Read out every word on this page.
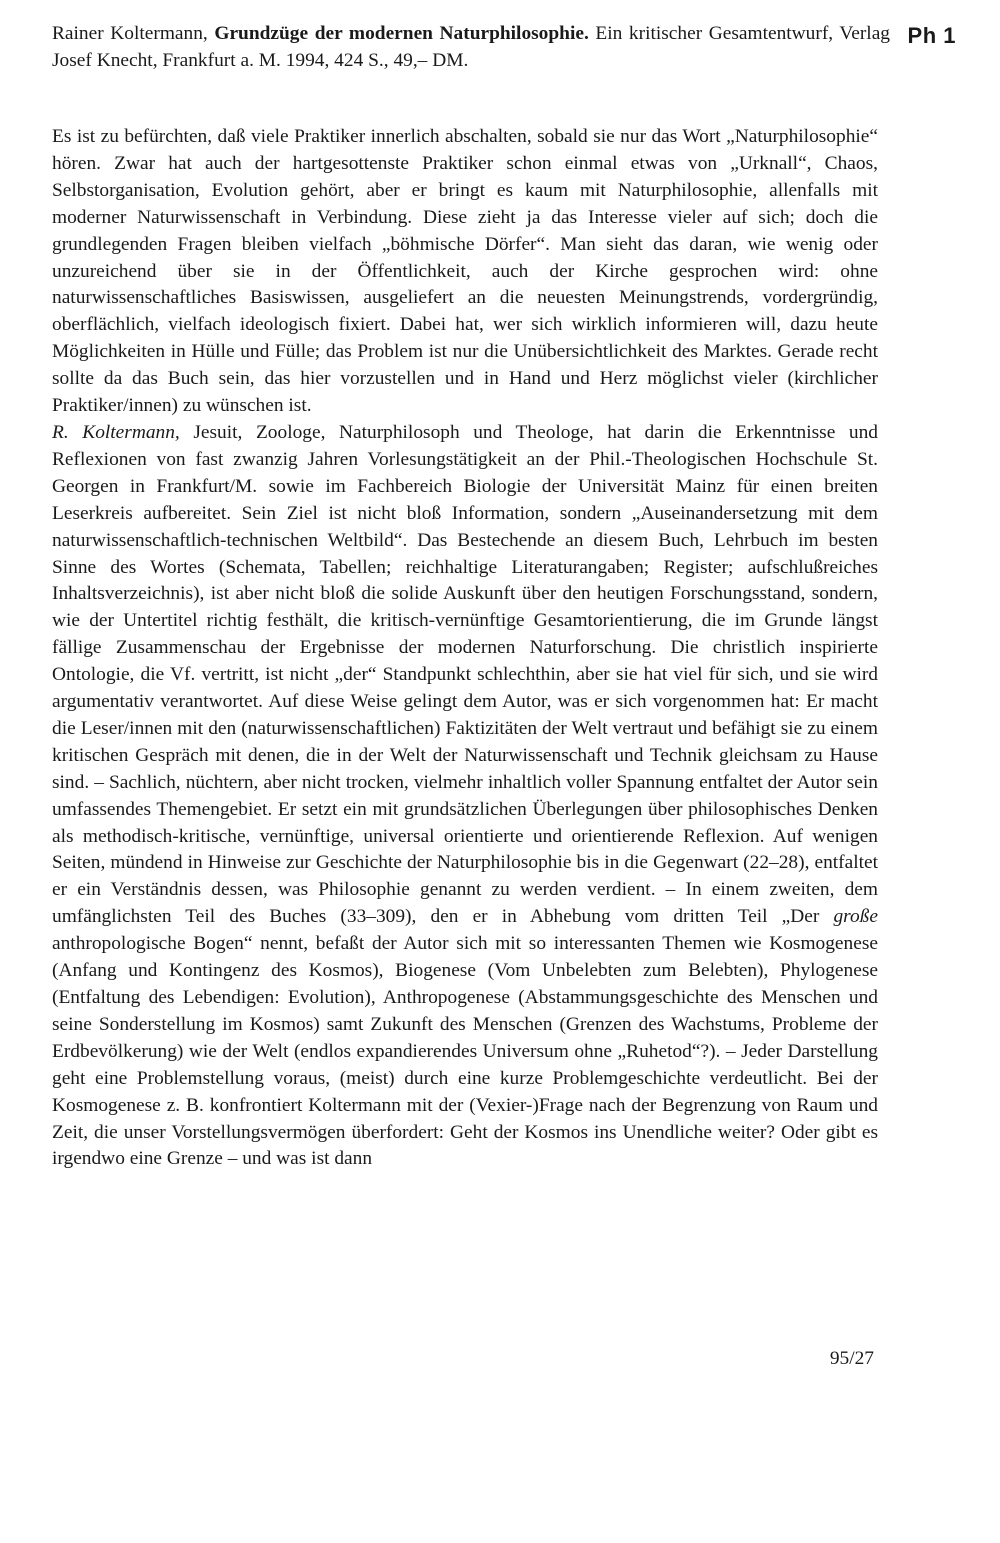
Rainer Koltermann, Grundzüge der modernen Naturphilosophie. Ein kritischer Gesamtentwurf, Verlag Josef Knecht, Frankfurt a. M. 1994, 424 S., 49,– DM.
Ph 1

Es ist zu befürchten, daß viele Praktiker innerlich abschalten, sobald sie nur das Wort „Naturphilosophie“ hören. Zwar hat auch der hartgesottenste Praktiker schon einmal etwas von „Urknall“, Chaos, Selbstorganisation, Evolution gehört, aber er bringt es kaum mit Naturphilosophie, allenfalls mit moderner Naturwissenschaft in Verbindung. Diese zieht ja das Interesse vieler auf sich; doch die grundlegenden Fragen bleiben vielfach „böhmische Dörfer“. Man sieht das daran, wie wenig oder unzureichend über sie in der Öffentlichkeit, auch der Kirche gesprochen wird: ohne naturwissenschaftliches Basiswissen, ausgeliefert an die neuesten Meinungstrends, vordergründig, oberflächlich, vielfach ideologisch fixiert. Dabei hat, wer sich wirklich informieren will, dazu heute Möglichkeiten in Hülle und Fülle; das Problem ist nur die Unübersichtlichkeit des Marktes. Gerade recht sollte da das Buch sein, das hier vorzustellen und in Hand und Herz möglichst vieler (kirchlicher Praktiker/innen) zu wünschen ist.

R. Koltermann, Jesuit, Zoologe, Naturphilosoph und Theologe, hat darin die Erkenntnisse und Reflexionen von fast zwanzig Jahren Vorlesungstätigkeit an der Phil.-Theologischen Hochschule St. Georgen in Frankfurt/M. sowie im Fachbereich Biologie der Universität Mainz für einen breiten Leserkreis aufbereitet. Sein Ziel ist nicht bloß Information, sondern „Auseinandersetzung mit dem naturwissenschaftlich-technischen Weltbild“. Das Bestechende an diesem Buch, Lehrbuch im besten Sinne des Wortes (Schemata, Tabellen; reichhaltige Literaturangaben; Register; aufschlußreiches Inhaltsverzeichnis), ist aber nicht bloß die solide Auskunft über den heutigen Forschungsstand, sondern, wie der Untertitel richtig festhält, die kritisch-vernünftige Gesamtorientierung, die im Grunde längst fällige Zusammenschau der Ergebnisse der modernen Naturforschung. Die christlich inspirierte Ontologie, die Vf. vertritt, ist nicht „der“ Standpunkt schlechthin, aber sie hat viel für sich, und sie wird argumentativ verantwortet. Auf diese Weise gelingt dem Autor, was er sich vorgenommen hat: Er macht die Leser/innen mit den (naturwissenschaftlichen) Faktizitäten der Welt vertraut und befähigt sie zu einem kritischen Gespräch mit denen, die in der Welt der Naturwissenschaft und Technik gleichsam zu Hause sind. – Sachlich, nüchtern, aber nicht trocken, vielmehr inhaltlich voller Spannung entfaltet der Autor sein umfassendes Themengebiet. Er setzt ein mit grundsätzlichen Überlegungen über philosophisches Denken als methodisch-kritische, vernünftige, universal orientierte und orientierende Reflexion. Auf wenigen Seiten, mündend in Hinweise zur Geschichte der Naturphilosophie bis in die Gegenwart (22–28), entfaltet er ein Verständnis dessen, was Philosophie genannt zu werden verdient. – In einem zweiten, dem umfänglichsten Teil des Buches (33–309), den er in Abhebung vom dritten Teil „Der große anthropologische Bogen“ nennt, befaßt der Autor sich mit so interessanten Themen wie Kosmogenese (Anfang und Kontingenz des Kosmos), Biogenese (Vom Unbelebten zum Belebten), Phylogenese (Entfaltung des Lebendigen: Evolution), Anthropogenese (Abstammungsgeschichte des Menschen und seine Sonderstellung im Kosmos) samt Zukunft des Menschen (Grenzen des Wachstums, Probleme der Erdbevölkerung) wie der Welt (endlos expandierendes Universum ohne „Ruhetod“?). – Jeder Darstellung geht eine Problemstellung voraus, (meist) durch eine kurze Problemgeschichte verdeutlicht. Bei der Kosmogenese z. B. konfrontiert Koltermann mit der (Vexier-)Frage nach der Begrenzung von Raum und Zeit, die unser Vorstellungsvermögen überfordert: Geht der Kosmos ins Unendliche weiter? Oder gibt es irgendwo eine Grenze – und was ist dann

95/27
